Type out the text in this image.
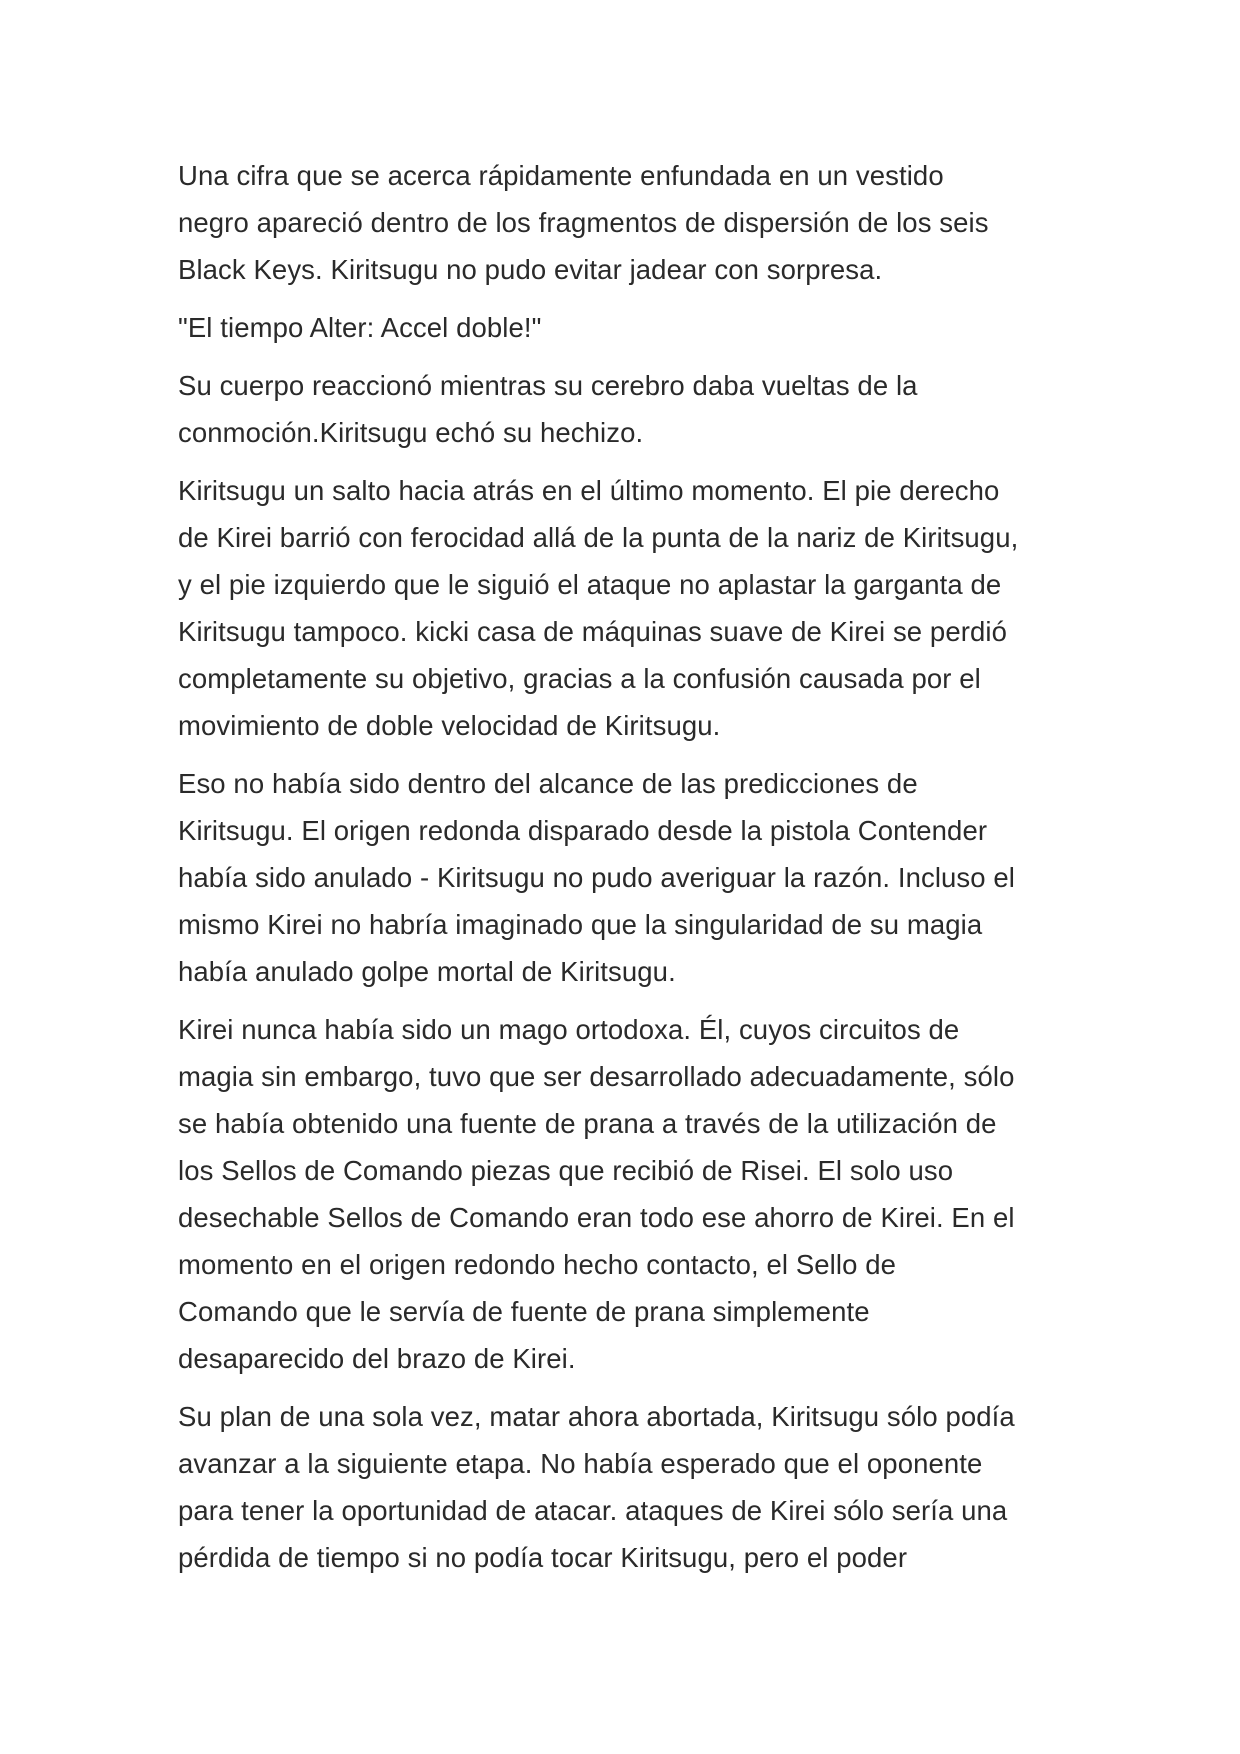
Una cifra que se acerca rápidamente enfundada en un vestido
negro apareció dentro de los fragmentos de dispersión de los seis
Black Keys. Kiritsugu no pudo evitar jadear con sorpresa.

"El tiempo Alter: Accel doble!"

Su cuerpo reaccionó mientras su cerebro daba vueltas de la
conmoción.Kiritsugu echó su hechizo.

Kiritsugu un salto hacia atrás en el último momento. El pie derecho
de Kirei barrió con ferocidad allá de la punta de la nariz de Kiritsugu,
y el pie izquierdo que le siguió el ataque no aplastar la garganta de
Kiritsugu tampoco. kicki casa de máquinas suave de Kirei se perdió
completamente su objetivo, gracias a la confusión causada por el
movimiento de doble velocidad de Kiritsugu.

Eso no había sido dentro del alcance de las predicciones de
Kiritsugu. El origen redonda disparado desde la pistola Contender
había sido anulado - Kiritsugu no pudo averiguar la razón. Incluso el
mismo Kirei no habría imaginado que la singularidad de su magia
había anulado golpe mortal de Kiritsugu.

Kirei nunca había sido un mago ortodoxa. Él, cuyos circuitos de
magia sin embargo, tuvo que ser desarrollado adecuadamente, sólo
se había obtenido una fuente de prana a través de la utilización de
los Sellos de Comando piezas que recibió de Risei. El solo uso
desechable Sellos de Comando eran todo ese ahorro de Kirei. En el
momento en el origen redondo hecho contacto, el Sello de
Comando que le servía de fuente de prana simplemente
desaparecido del brazo de Kirei.

Su plan de una sola vez, matar ahora abortada, Kiritsugu sólo podía
avanzar a la siguiente etapa. No había esperado que el oponente
para tener la oportunidad de atacar. ataques de Kirei sólo sería una
pérdida de tiempo si no podía tocar Kiritsugu, pero el poder
